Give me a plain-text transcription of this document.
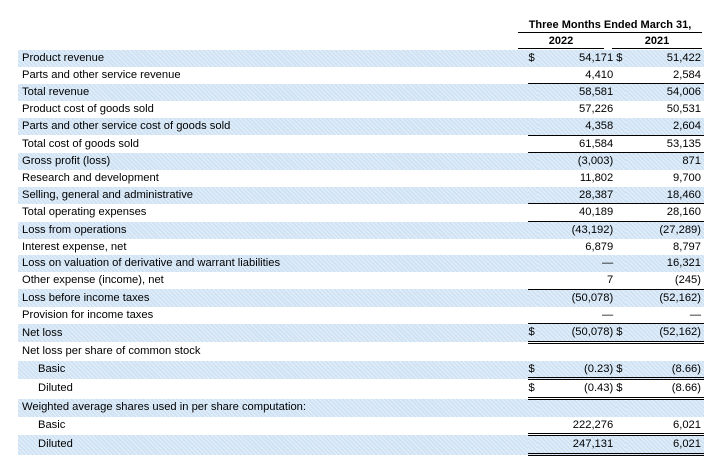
Three Months Ended March 31,
2022	2021
Product revenue	$	54,171	$	51,422
Parts and other service revenue		4,410		2,584
Total revenue		58,581		54,006
Product cost of goods sold		57,226		50,531
Parts and other service cost of goods sold		4,358		2,604
Total cost of goods sold		61,584		53,135
Gross profit (loss)		(3,003)		871
Research and development		11,802		9,700
Selling, general and administrative		28,387		18,460
Total operating expenses		40,189		28,160
Loss from operations		(43,192)		(27,289)
Interest expense, net		6,879		8,797
Loss on valuation of derivative and warrant liabilities		—		16,321
Other expense (income), net		7		(245)
Loss before income taxes		(50,078)		(52,162)
Provision for income taxes		—		—
Net loss	$	(50,078)	$	(52,162)
Net loss per share of common stock				
Basic	$	(0.23)	$	(8.66)
Diluted	$	(0.43)	$	(8.66)
Weighted average shares used in per share computation:				
Basic		222,276		6,021
Diluted		247,131		6,021
